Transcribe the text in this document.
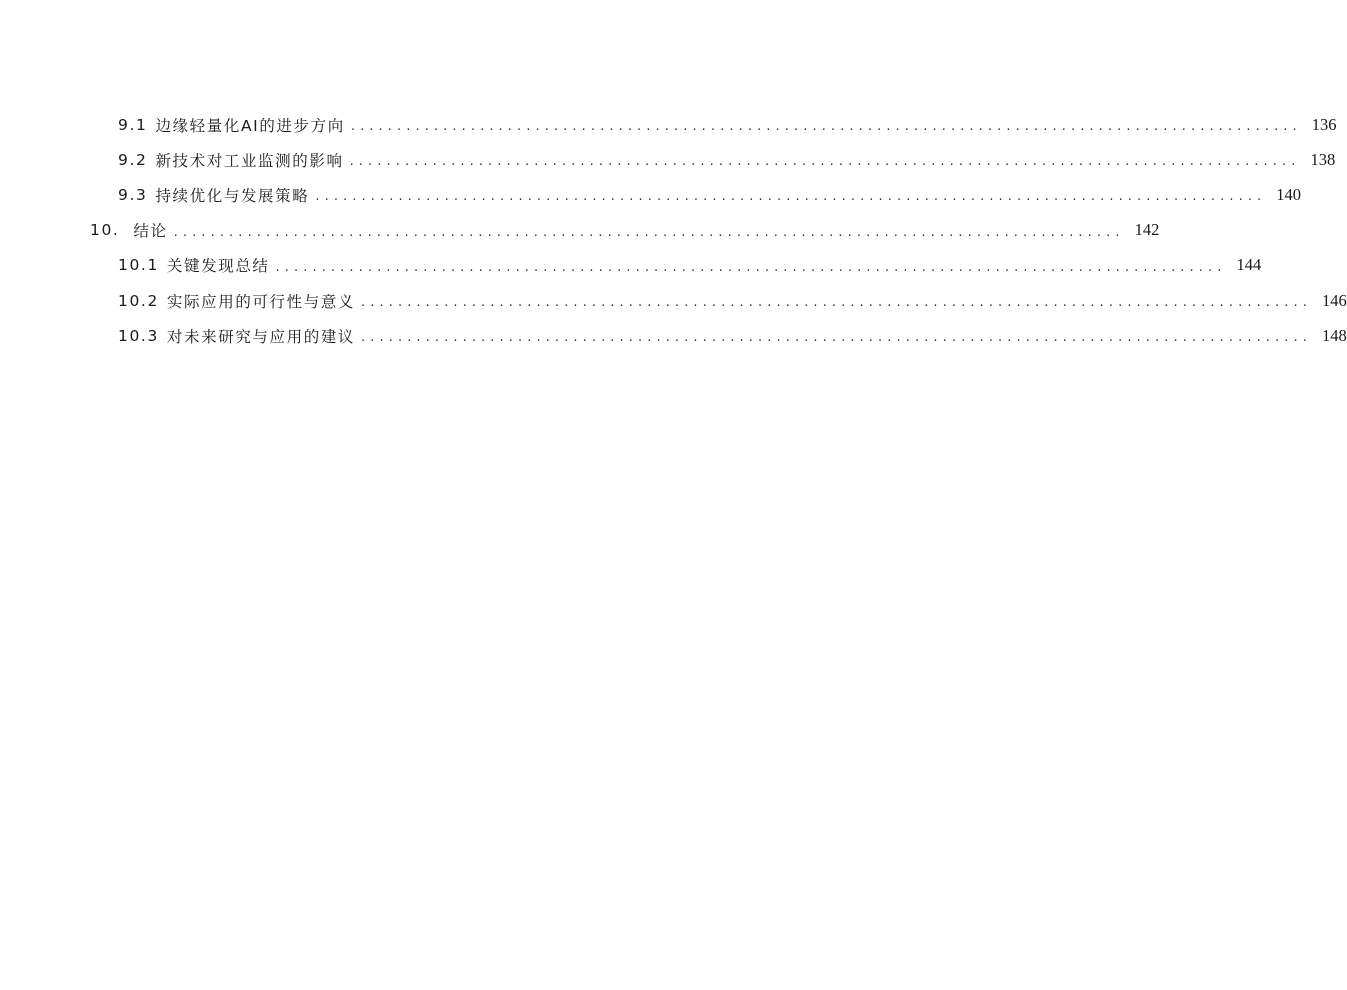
9.1 边缘轻量化AI的进步方向 ....................................................................................................... 136
9.2 新技术对工业监测的影响 ....................................................................................................... 138
9.3 持续优化与发展策略 ....................................................................................................... 140
10. 结论 ....................................................................................................... 142
10.1 关键发现总结 ....................................................................................................... 144
10.2 实际应用的可行性与意义 ....................................................................................................... 146
10.3 对未来研究与应用的建议 ....................................................................................................... 148
